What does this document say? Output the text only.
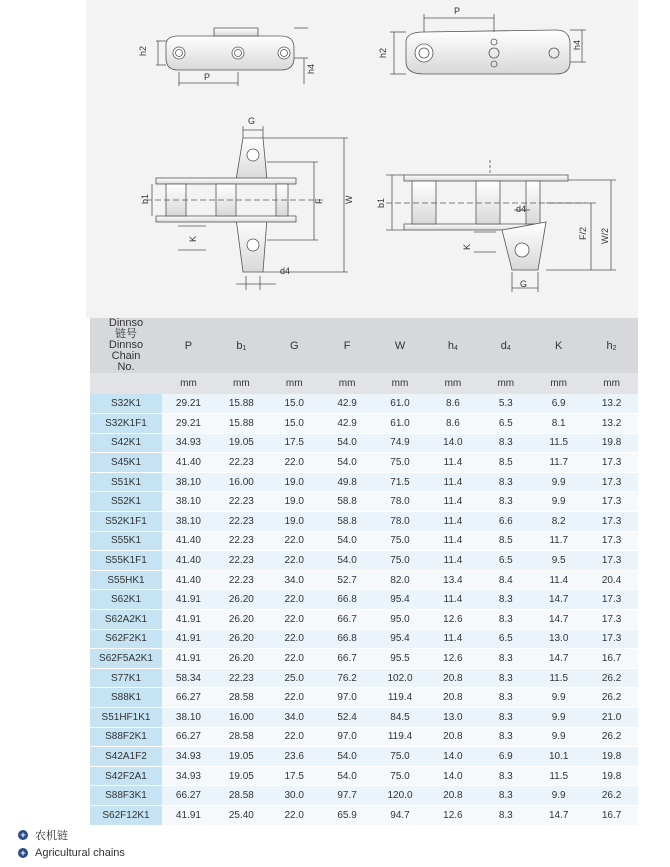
h2
P
h4
P
h2
h4
G
F W
b1
K
d4
b1
d4
K
G
F/2 W/2
Dinnso
链号
Dinnso
Chain
No.	P	b1	G	F	W	h4	d4	K	h2
	mm	mm	mm	mm	mm	mm	mm	mm	mm
S32K1	29.21	15.88	15.0	42.9	61.0	8.6	5.3	6.9	13.2
S32K1F1	29.21	15.88	15.0	42.9	61.0	8.6	6.5	8.1	13.2
S42K1	34.93	19.05	17.5	54.0	74.9	14.0	8.3	11.5	19.8
S45K1	41.40	22.23	22.0	54.0	75.0	11.4	8.5	11.7	17.3
S51K1	38.10	16.00	19.0	49.8	71.5	11.4	8.3	9.9	17.3
S52K1	38.10	22.23	19.0	58.8	78.0	11.4	8.3	9.9	17.3
S52K1F1	38.10	22.23	19.0	58.8	78.0	11.4	6.6	8.2	17.3
S55K1	41.40	22.23	22.0	54.0	75.0	11.4	8.5	11.7	17.3
S55K1F1	41.40	22.23	22.0	54.0	75.0	11.4	6.5	9.5	17.3
S55HK1	41.40	22.23	34.0	52.7	82.0	13.4	8.4	11.4	20.4
S62K1	41.91	26.20	22.0	66.8	95.4	11.4	8.3	14.7	17.3
S62A2K1	41.91	26.20	22.0	66.7	95.0	12.6	8.3	14.7	17.3
S62F2K1	41.91	26.20	22.0	66.8	95.4	11.4	6.5	13.0	17.3
S62F5A2K1	41.91	26.20	22.0	66.7	95.5	12.6	8.3	14.7	16.7
S77K1	58.34	22.23	25.0	76.2	102.0	20.8	8.3	11.5	26.2
S88K1	66.27	28.58	22.0	97.0	119.4	20.8	8.3	9.9	26.2
S51HF1K1	38.10	16.00	34.0	52.4	84.5	13.0	8.3	9.9	21.0
S88F2K1	66.27	28.58	22.0	97.0	119.4	20.8	8.3	9.9	26.2
S42A1F2	34.93	19.05	23.6	54.0	75.0	14.0	6.9	10.1	19.8
S42F2A1	34.93	19.05	17.5	54.0	75.0	14.0	8.3	11.5	19.8
S88F3K1	66.27	28.58	30.0	97.7	120.0	20.8	8.3	9.9	26.2
S62F12K1	41.91	25.40	22.0	65.9	94.7	12.6	8.3	14.7	16.7
+ 农机链
+ Agricultural chains
